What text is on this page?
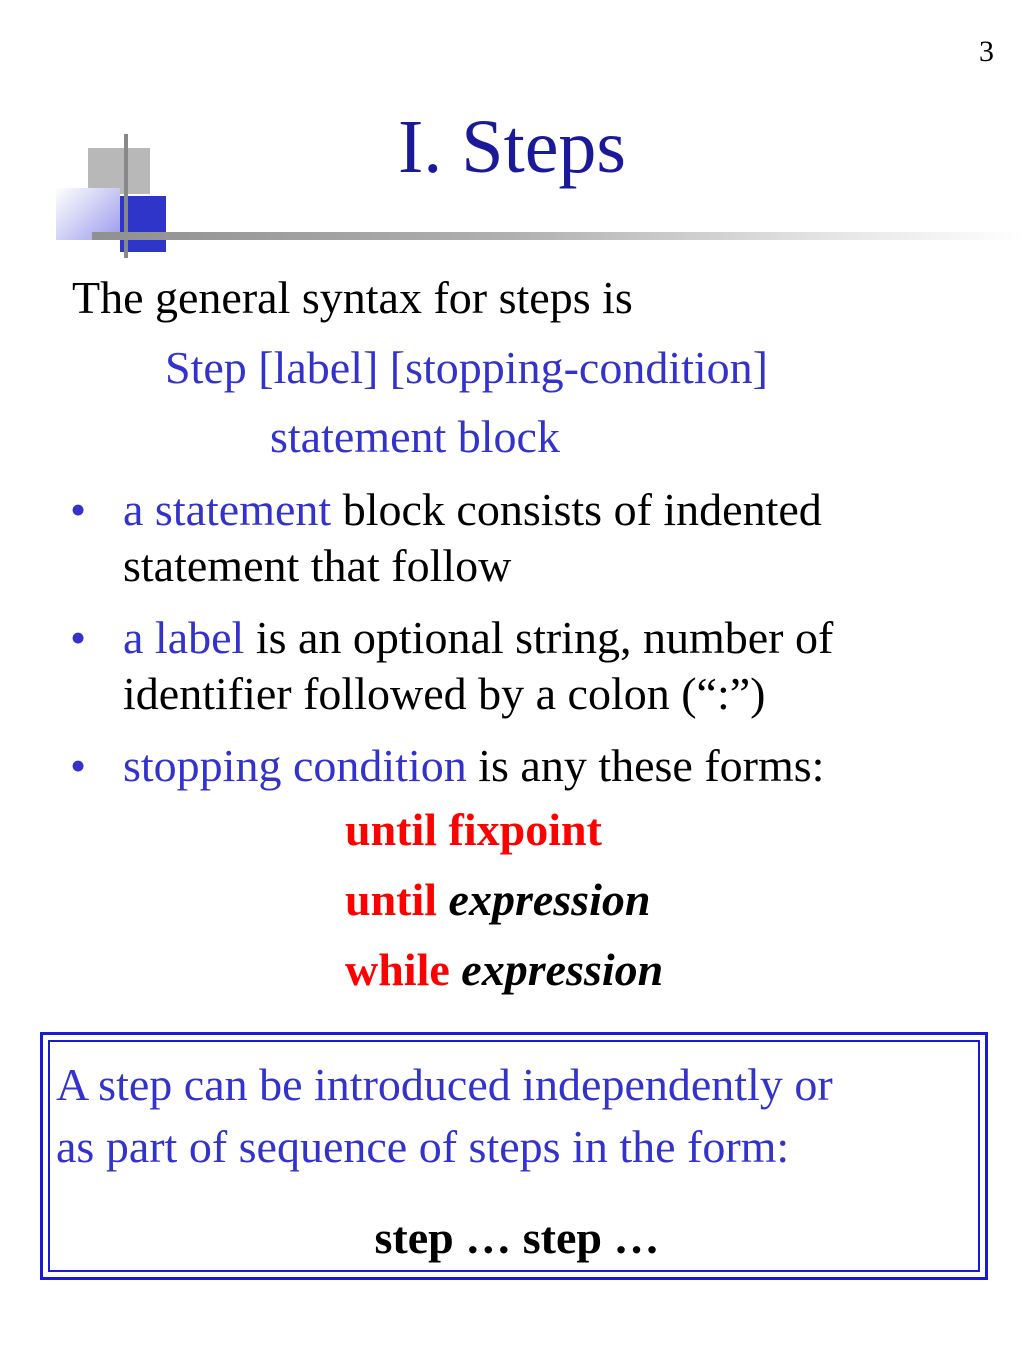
3
I. Steps
The general syntax for steps is
Step [label] [stopping-condition]
statement block
• a statement block consists of indented statement that follow
• a label is an optional string, number of identifier followed by a colon (“:”)
• stopping condition is any these forms:
until fixpoint
until expression
while expression
A step can be introduced independently or
as part of sequence of steps in the form:
step … step …
